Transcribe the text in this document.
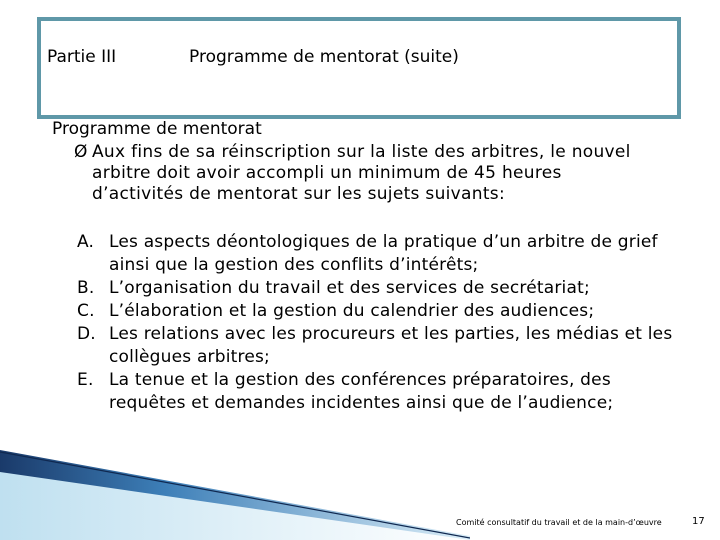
Partie III	Programme de mentorat (suite)
Programme de mentorat
Ø Aux fins de sa réinscription sur la liste des arbitres, le nouvel arbitre doit avoir accompli un minimum de 45 heures d’activités de mentorat sur les sujets suivants:
A. Les aspects déontologiques de la pratique d’un arbitre de grief ainsi que la gestion des conflits d’intérêts;
B. L’organisation du travail et des services de secrétariat;
C. L’élaboration et la gestion du calendrier des audiences;
D. Les relations avec les procureurs et les parties, les médias et les collègues arbitres;
E. La tenue et la gestion des conférences préparatoires, des requêtes et demandes incidentes ainsi que de l’audience;
Comité consultatif du travail et de la main-d’œuvre	17
